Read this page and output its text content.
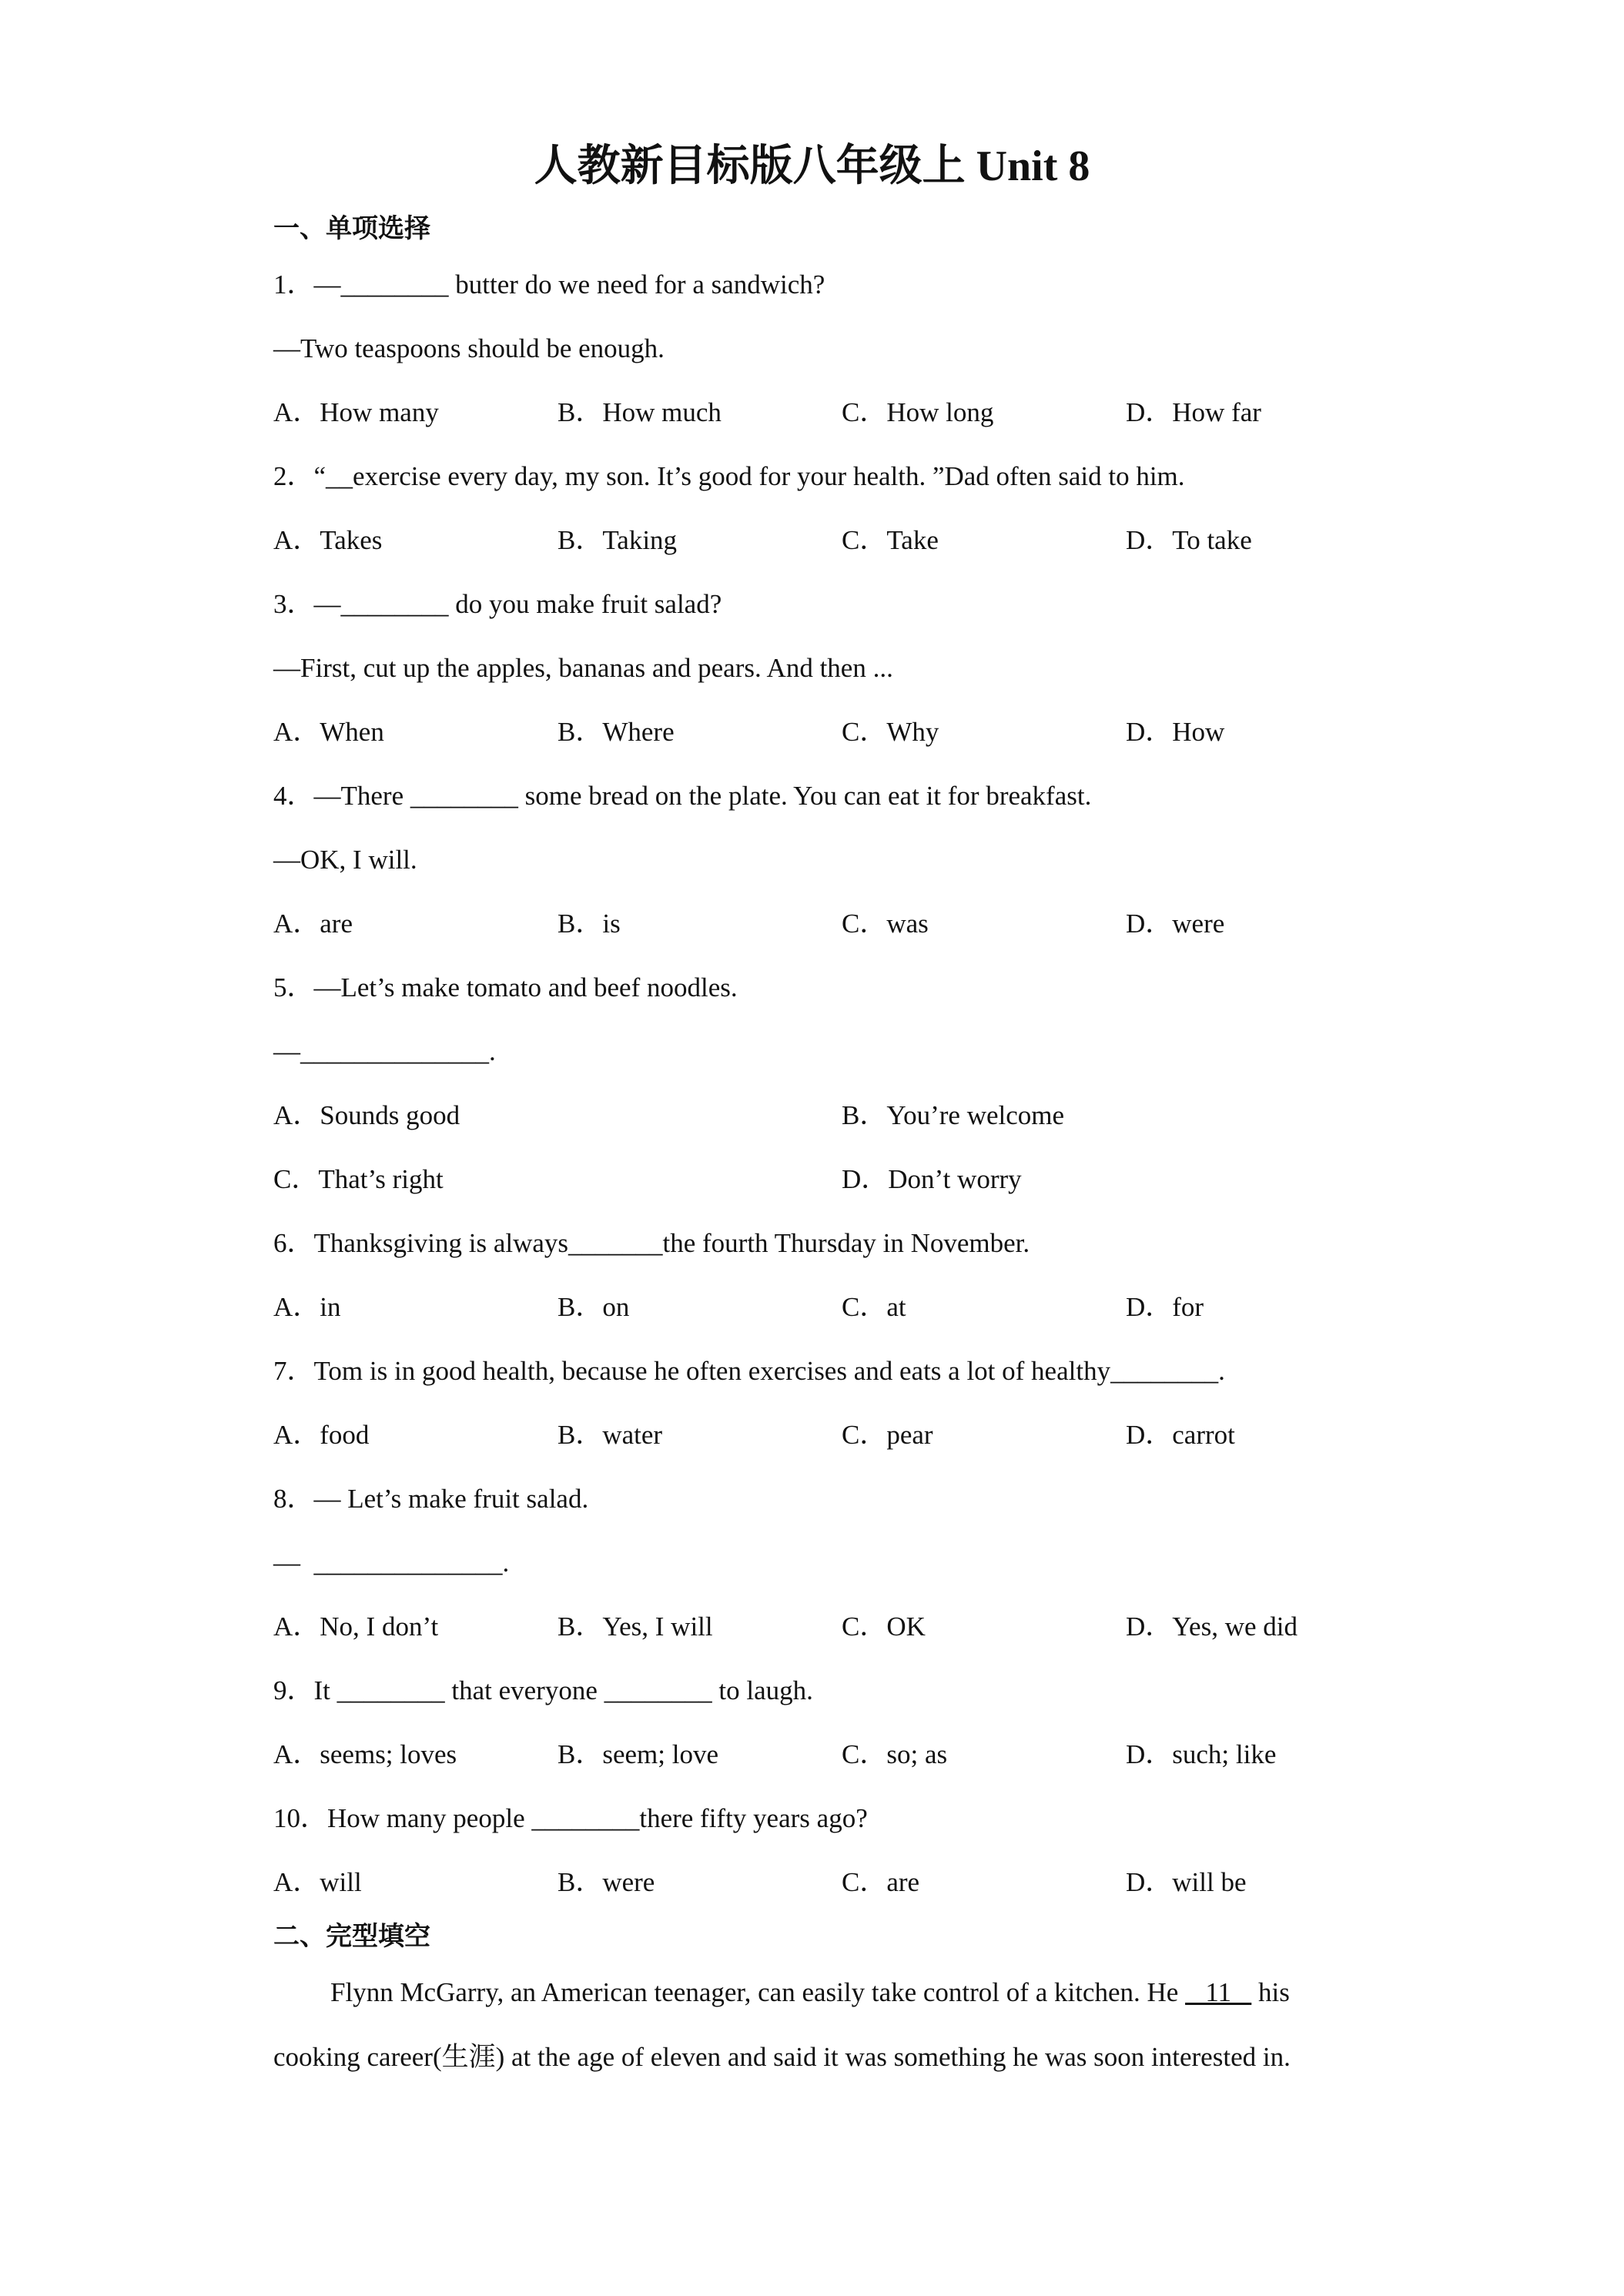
人教新目标版八年级上 Unit 8
一、单项选择
1．—________ butter do we need for a sandwich?
—Two teaspoons should be enough.
A．How many	B．How much	C．How long	D．How far
2．“__exercise every day, my son. It’s good for your health. ”Dad often said to him.
A．Takes	B．Taking	C．Take	D．To take
3．—________ do you make fruit salad?
—First, cut up the apples, bananas and pears. And then ...
A．When	B．Where	C．Why	D．How
4．—There ________ some bread on the plate. You can eat it for breakfast.
—OK, I will.
A．are	B．is	C．was	D．were
5．—Let’s make tomato and beef noodles.
—______________.
A．Sounds good	B．You’re welcome
C．That’s right	D．Don’t worry
6．Thanksgiving is always_______the fourth Thursday in November.
A．in	B．on	C．at	D．for
7．Tom is in good health, because he often exercises and eats a lot of healthy________.
A．food	B．water	C．pear	D．carrot
8．— Let’s make fruit salad.
—  ______________.
A．No, I don’t	B．Yes, I will	C．OK	D．Yes, we did
9．It ________ that everyone ________ to laugh.
A．seems; loves	B．seem; love	C．so; as	D．such; like
10．How many people ________there fifty years ago?
A．will	B．were	C．are	D．will be
二、完型填空

Flynn McGarry, an American teenager, can easily take control of a kitchen. He    11    his cooking career(生涯) at the age of eleven and said it was something he was soon interested in.
